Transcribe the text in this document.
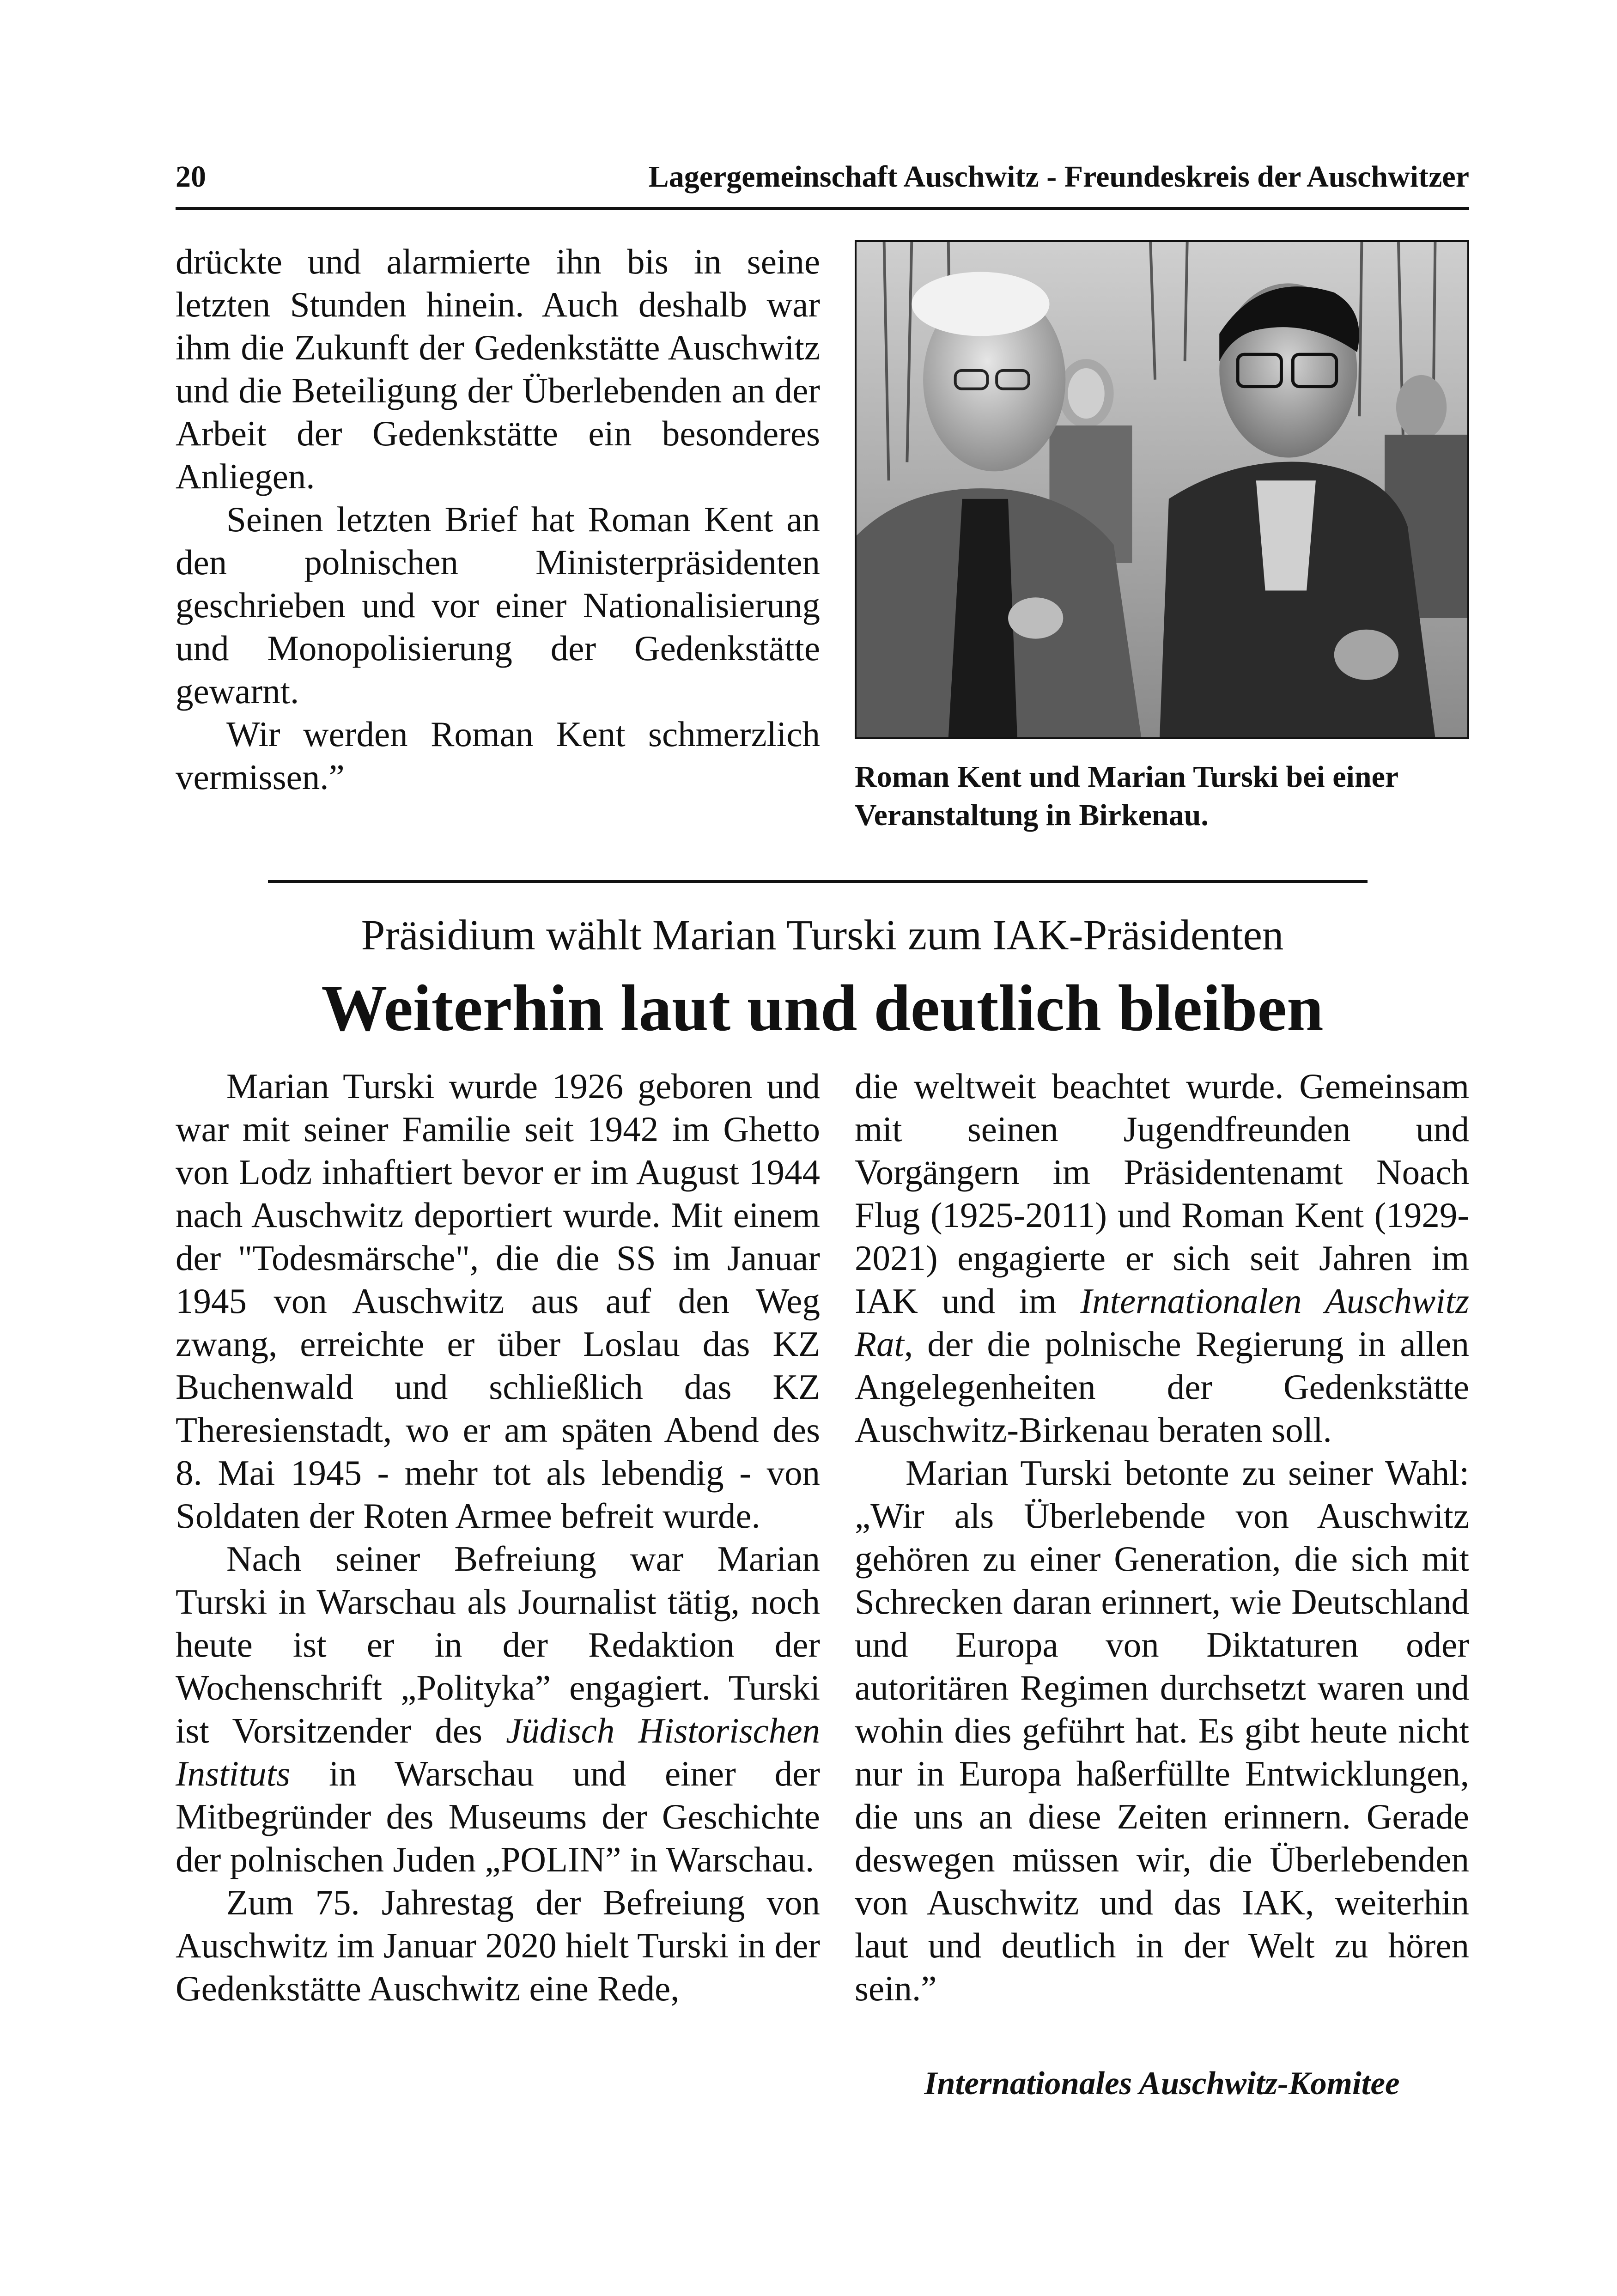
20	Lagergemeinschaft Auschwitz - Freundeskreis der Auschwitzer

drückte und alarmierte ihn bis in seine letzten Stunden hinein. Auch deshalb war ihm die Zukunft der Gedenkstätte Auschwitz und die Beteiligung der Überlebenden an der Arbeit der Gedenkstätte ein besonderes Anliegen.

Seinen letzten Brief hat Roman Kent an den polnischen Ministerpräsidenten geschrieben und vor einer Nationalisierung und Monopolisierung der Gedenkstätte gewarnt.

Wir werden Roman Kent schmerzlich vermissen.”	Roman Kent und Marian Turski bei einer Veranstaltung in Birkenau.
Präsidium wählt Marian Turski zum IAK-Präsidenten
Weiterhin laut und deutlich bleiben

Marian Turski wurde 1926 geboren und war mit seiner Familie seit 1942 im Ghetto von Lodz inhaftiert bevor er im August 1944 nach Auschwitz deportiert wurde. Mit einem der "Todesmärsche", die die SS im Januar 1945 von Auschwitz aus auf den Weg zwang, erreichte er über Loslau das KZ Buchenwald und schließlich das KZ Theresienstadt, wo er am späten Abend des 8. Mai 1945 - mehr tot als lebendig - von Soldaten der Roten Armee befreit wurde.

Nach seiner Befreiung war Marian Turski in Warschau als Journalist tätig, noch heute ist er in der Redaktion der Wochenschrift „Polityka” engagiert. Turski ist Vorsitzender des Jüdisch Historischen Instituts in Warschau und einer der Mitbegründer des Museums der Geschichte der polnischen Juden „POLIN” in Warschau.

Zum 75. Jahrestag der Befreiung von Auschwitz im Januar 2020 hielt Turski in der Gedenkstätte Auschwitz eine Rede,

die weltweit beachtet wurde. Gemeinsam mit seinen Jugendfreunden und Vorgängern im Präsidentenamt Noach Flug (1925-2011) und Roman Kent (1929-2021) engagierte er sich seit Jahren im IAK und im Internationalen Auschwitz Rat, der die polnische Regierung in allen Angelegenheiten der Gedenkstätte Auschwitz-Birkenau beraten soll.

Marian Turski betonte zu seiner Wahl: „Wir als Überlebende von Auschwitz gehören zu einer Generation, die sich mit Schrecken daran erinnert, wie Deutschland und Europa von Diktaturen oder autoritären Regimen durchsetzt waren und wohin dies geführt hat. Es gibt heute nicht nur in Europa haßerfüllte Entwicklungen, die uns an diese Zeiten erinnern. Gerade deswegen müssen wir, die Überlebenden von Auschwitz und das IAK, weiterhin laut und deutlich in der Welt zu hören sein.”

Internationales Auschwitz-Komitee
